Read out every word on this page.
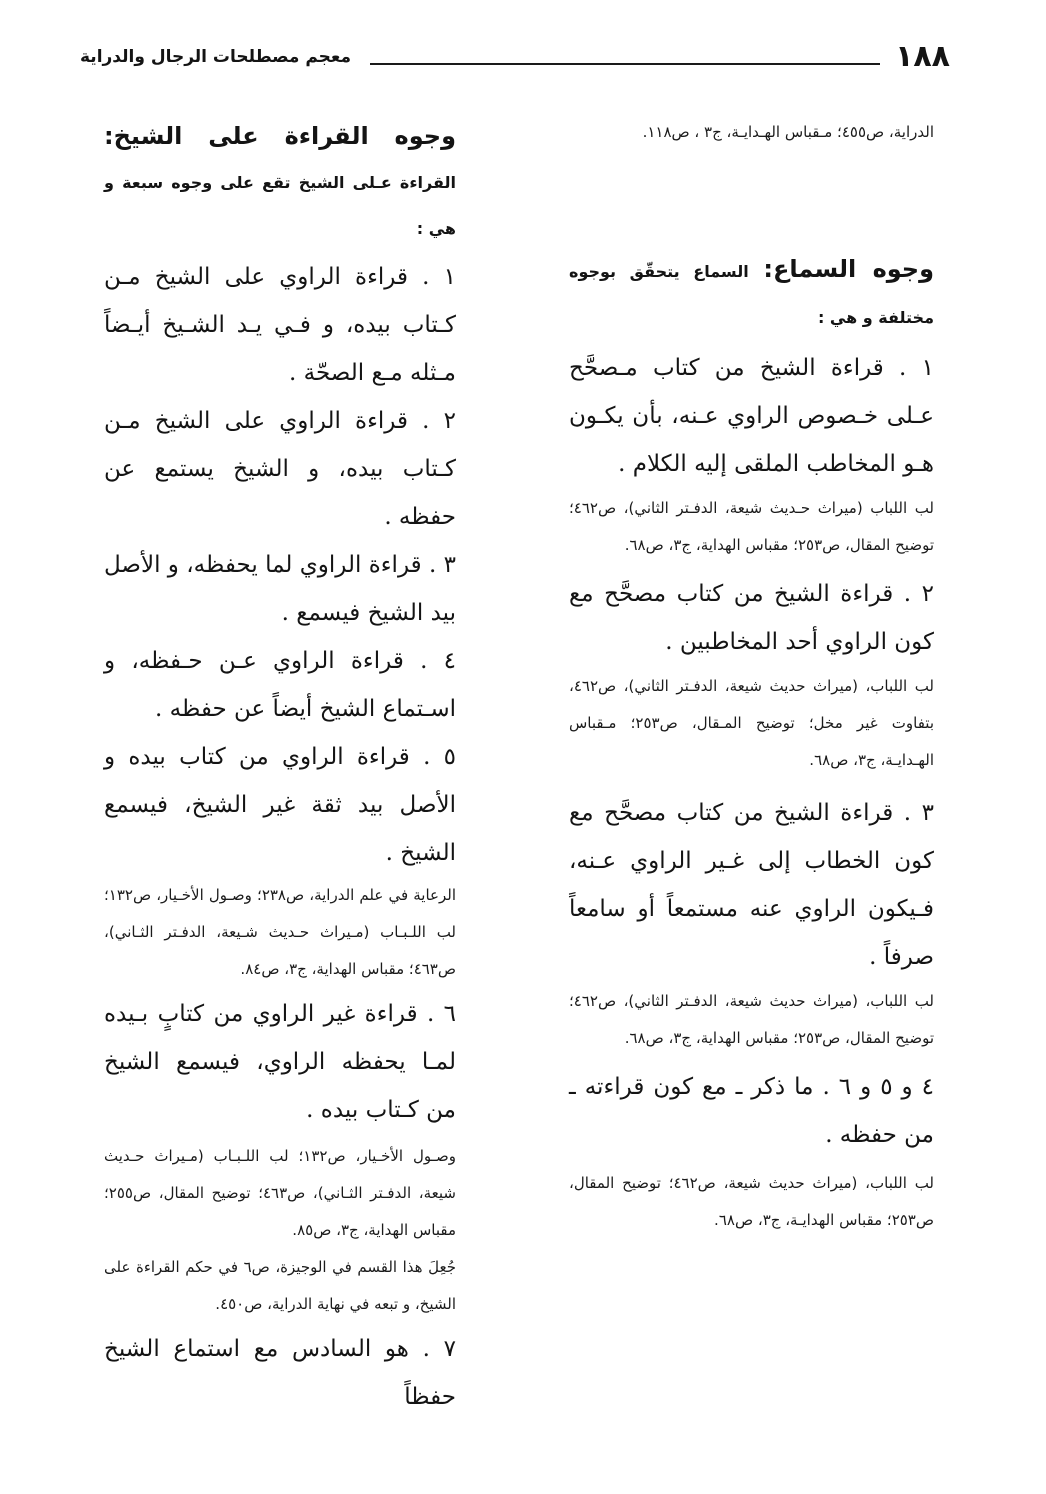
١٨٨
معجم مصطلحات الرجال والدراية

الدراية، ص٤٥٥؛ مـقباس الهـدايـة، ج٣ ، ص١١٨.

وجوه السماع: السماع يتحقّق بوجوه مختلفة و هي :

١ . قراءة الشيخ من كتاب مـصحَّح عـلى خـصوص الراوي عـنه، بأن يكـون هـو المخاطب الملقى إليه الكلام .

لب اللباب (ميراث حـديث شيعة، الدفـتر الثاني)، ص٤٦٢؛ توضيح المقال، ص٢٥٣؛ مقباس الهداية، ج٣، ص٦٨.

٢ . قراءة الشيخ من كتاب مصحَّح مع كون الراوي أحد المخاطبين .

لب اللباب، (ميراث حديث شيعة، الدفـتر الثاني)، ص٤٦٢، بتفاوت غير مخل؛ توضيح المـقال، ص٢٥٣؛ مـقباس الهـدايـة، ج٣، ص٦٨.

٣ . قراءة الشيخ من كتاب مصحَّح مع كون الخطاب إلى غـير الراوي عـنه، فـيكون الراوي عنه مستمعاً أو سامعاً صرفاً .

لب اللباب، (ميراث حديث شيعة، الدفـتر الثاني)، ص٤٦٢؛ توضيح المقال، ص٢٥٣؛ مقباس الهداية، ج٣، ص٦٨.

٤ و ٥ و ٦ . ما ذكر ـ مع كون قراءته ـ من حفظه .

لب اللباب، (ميراث حديث شيعة، ص٤٦٢؛ توضيح المقال، ص٢٥٣؛ مقباس الهدايـة، ج٣، ص٦٨.

وجوه القراءة على الشيخ: القراءة عـلى الشيخ تقع على وجوه سبعة و هي :

١ . قراءة الراوي على الشيخ مـن كـتاب بيده، و فـي يـد الشـيخ أيـضاً مـثله مـع الصحّة .

٢ . قراءة الراوي على الشيخ مـن كـتاب بيده، و الشيخ يستمع عن حفظه .

٣ . قراءة الراوي لما يحفظه، و الأصل بيد الشيخ فيسمع .

٤ . قراءة الراوي عـن حـفظه، و اسـتماع الشيخ أيضاً عن حفظه .

٥ . قراءة الراوي من كتاب بيده و الأصل بيد ثقة غير الشيخ، فيسمع الشيخ .

الرعاية في علم الدراية، ص٢٣٨؛ وصـول الأخـيار، ص١٣٢؛ لب اللـبـاب (مـيراث حـديث شـيعة، الدفـتر الثـاني)، ص٤٦٣؛ مقباس الهداية، ج٣، ص٨٤.

٦ . قراءة غير الراوي من كتابٍ بـيده لمـا يحفظه الراوي، فيسمع الشيخ من كـتاب بيده .

وصـول الأخـيار، ص١٣٢؛ لب اللـبـاب (مـيراث حـديث شيعة، الدفـتر الثـاني)، ص٤٦٣؛ توضيح المقال، ص٢٥٥؛ مقباس الهداية، ج٣، ص٨٥.

جُعِلَ هذا القسم في الوجيزة، ص٦ في حكم القراءة على الشيخ، و تبعه في نهاية الدراية، ص٤٥٠.

٧ . هو السادس مع استماع الشيخ حفظاً
